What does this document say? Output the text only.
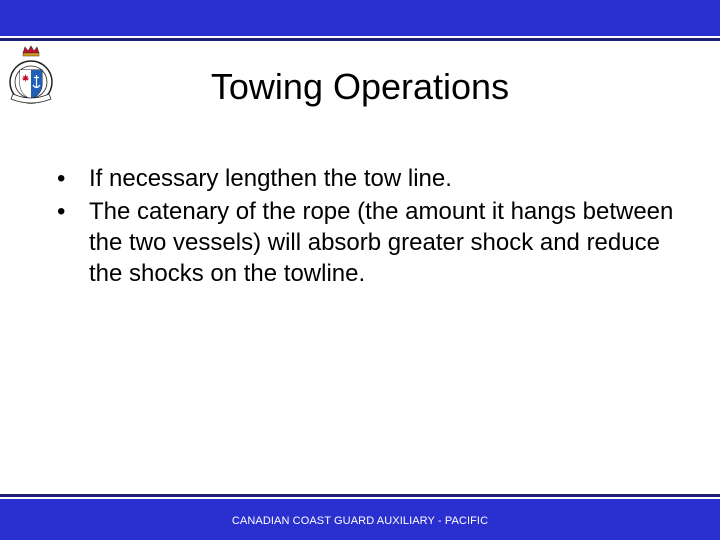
Towing Operations
• If necessary lengthen the tow line.
• The catenary of the rope (the amount it hangs between the two vessels) will absorb greater shock and reduce the shocks on the towline.
CANADIAN COAST GUARD AUXILIARY - PACIFIC
